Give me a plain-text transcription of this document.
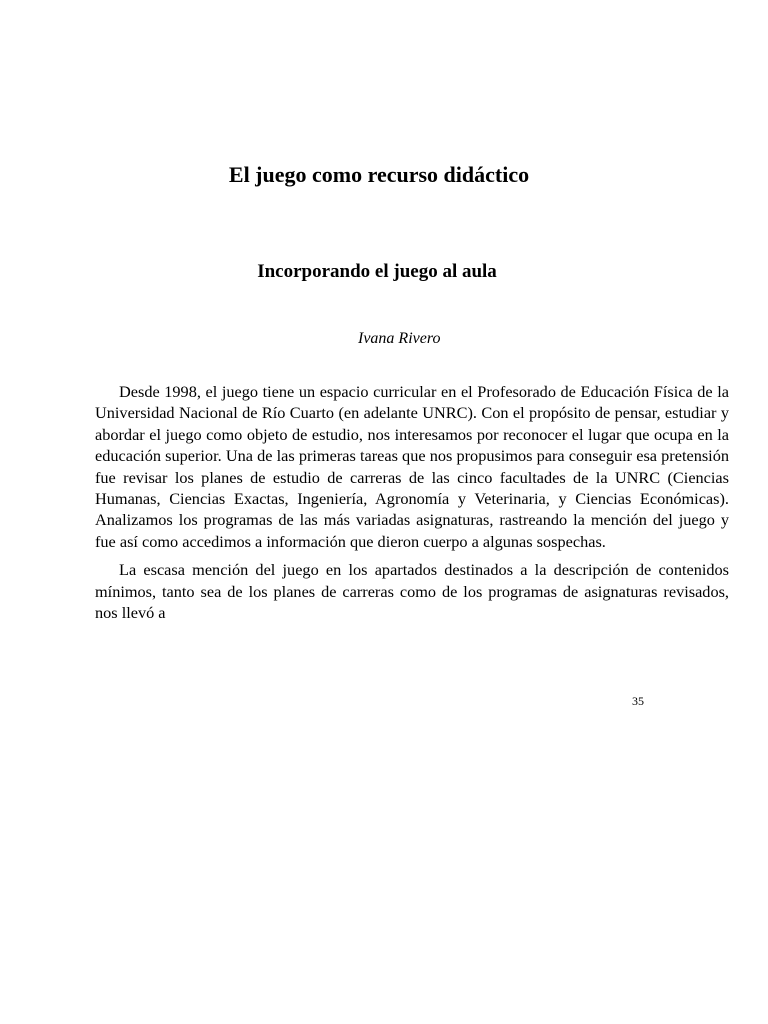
El juego como recurso didáctico
Incorporando el juego al aula

Ivana Rivero

Desde 1998, el juego tiene un espacio curricular en el Profesorado de Educación Física de la Universidad Nacional de Río Cuarto (en adelante UNRC). Con el propósito de pensar, estudiar y abordar el juego como objeto de estudio, nos interesamos por reconocer el lugar que ocupa en la educación superior. Una de las primeras tareas que nos propusimos para conseguir esa pretensión fue revisar los planes de estudio de carreras de las cinco facultades de la UNRC (Ciencias Humanas, Ciencias Exactas, Ingeniería, Agronomía y Veterinaria, y Ciencias Económicas). Analizamos los programas de las más variadas asignaturas, rastreando la mención del juego y fue así como accedimos a información que dieron cuerpo a algunas sospechas.

La escasa mención del juego en los apartados destinados a la descripción de contenidos mínimos, tanto sea de los planes de carreras como de los programas de asignaturas revisados, nos llevó a

35
